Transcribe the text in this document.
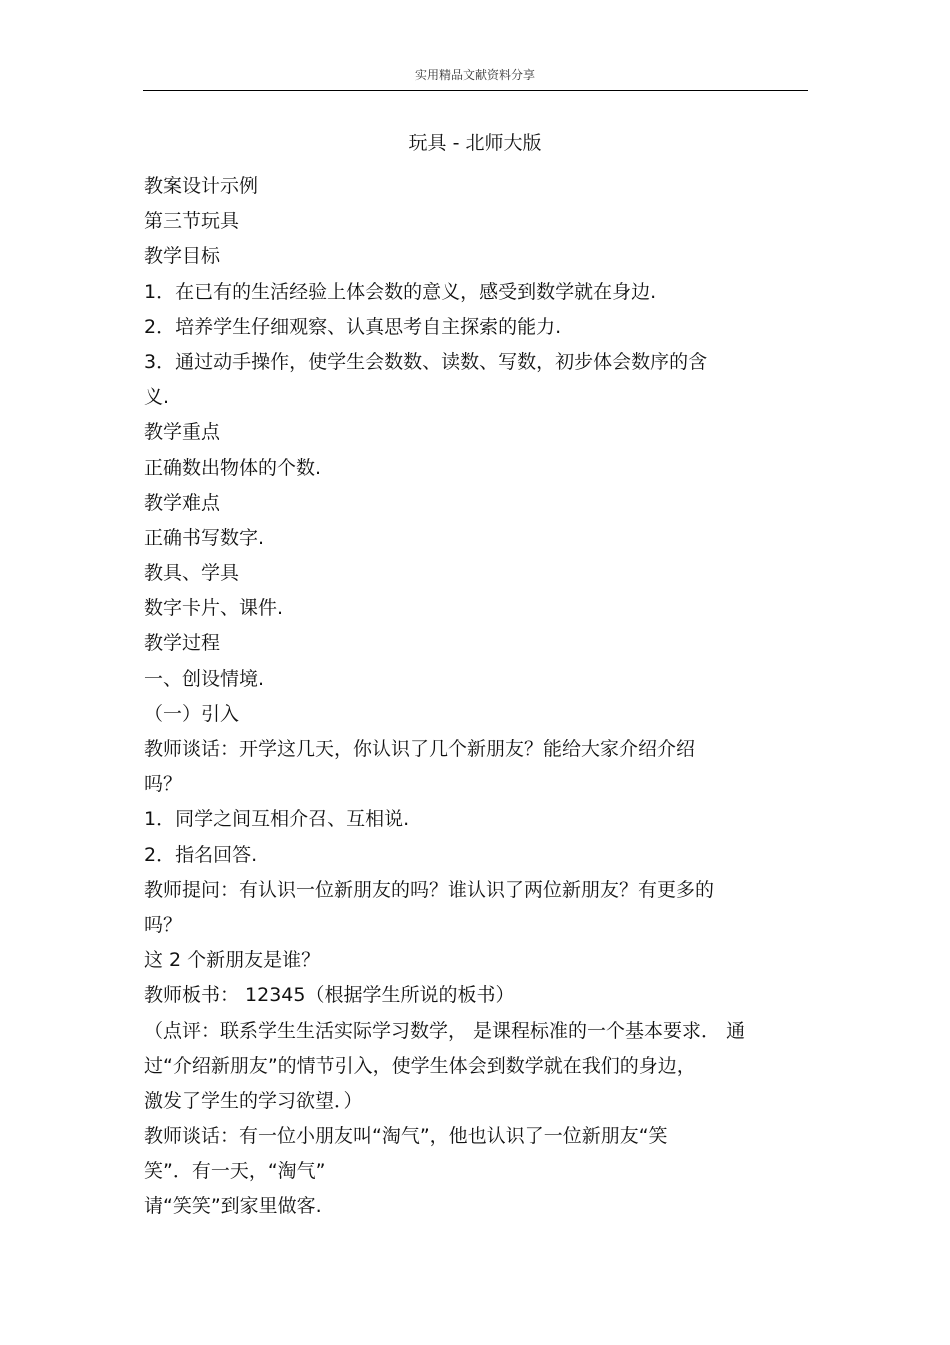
实用精品文献资料分享
玩具 - 北师大版
教案设计示例
第三节玩具
教学目标
1．在已有的生活经验上体会数的意义，感受到数学就在身边.
2．培养学生仔细观察、认真思考自主探索的能力.
3．通过动手操作，使学生会数数、读数、写数，初步体会数序的含
义.
教学重点
正确数出物体的个数.
教学难点
正确书写数字.
教具、学具
数字卡片、课件.
教学过程
一、创设情境.
（一）引入
教师谈话：开学这几天，你认识了几个新朋友？能给大家介绍介绍
吗？
1．同学之间互相介召、互相说.
2．指名回答.
教师提问：有认识一位新朋友的吗？谁认识了两位新朋友？有更多的
吗？
这 2 个新朋友是谁？
教师板书： 12345（根据学生所说的板书）
（点评：联系学生生活实际学习数学， 是课程标准的一个基本要求． 通
过“介绍新朋友”的情节引入，使学生体会到数学就在我们的身边，
激发了学生的学习欲望．）
教师谈话：有一位小朋友叫“淘气”，他也认识了一位新朋友“笑
笑”．有一天，“淘气”
请“笑笑”到家里做客.
